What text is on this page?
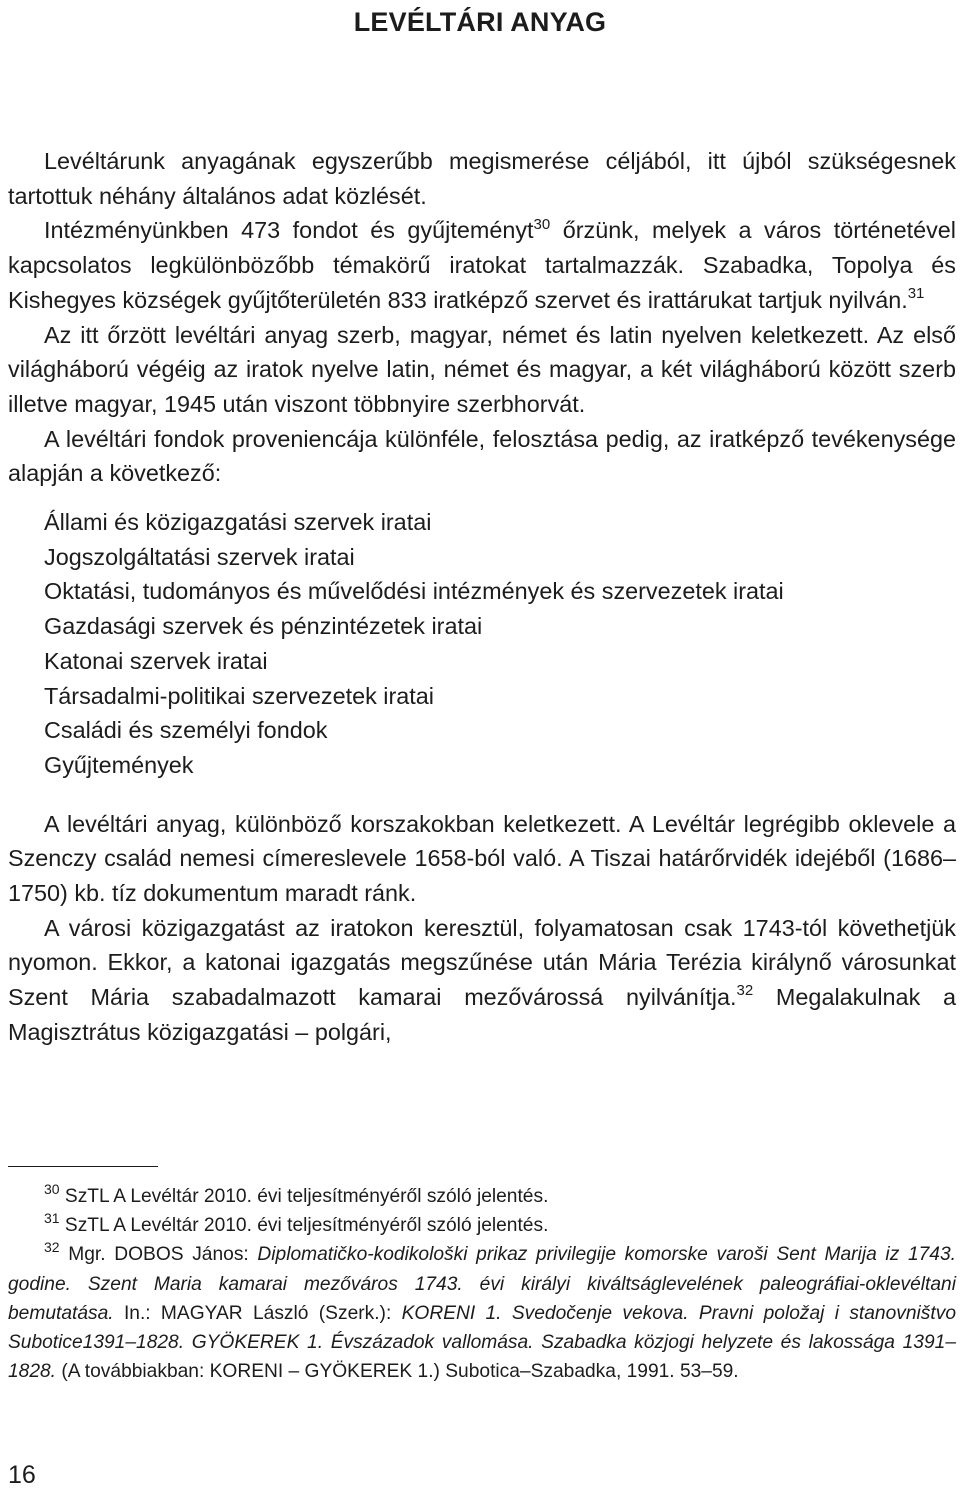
LEVÉLTÁRI ANYAG

Levéltárunk anyagának egyszerűbb megismerése céljából, itt újból szükségesnek tartottuk néhány általános adat közlését.

Intézményünkben 473 fondot és gyűjteményt$^{30}$ őrzünk, melyek a város történetével kapcsolatos legkülönbözőbb témakörű iratokat tartalmazzák. Szabadka, Topolya és Kishegyes községek gyűjtőterületén 833 iratképző szervet és irattárukat tartjuk nyilván.$^{31}$

Az itt őrzött levéltári anyag szerb, magyar, német és latin nyelven keletkezett. Az első világháború végéig az iratok nyelve latin, német és magyar, a két világháború között szerb illetve magyar, 1945 után viszont többnyire szerbhorvát.

A levéltári fondok proveniencája különféle, felosztása pedig, az iratképző tevékenysége alapján a következő:

Állami és közigazgatási szervek iratai
Jogszolgáltatási szervek iratai
Oktatási, tudományos és művelődési intézmények és szervezetek iratai
Gazdasági szervek és pénzintézetek iratai
Katonai szervek iratai
Társadalmi-politikai szervezetek iratai
Családi és személyi fondok
Gyűjtemények

A levéltári anyag, különböző korszakokban keletkezett. A Levéltár legrégibb oklevele a Szenczy család nemesi címereslevele 1658-ból való. A Tiszai határőrvidék idejéből (1686–1750) kb. tíz dokumentum maradt ránk.

A városi közigazgatást az iratokon keresztül, folyamatosan csak 1743-tól követhetjük nyomon. Ekkor, a katonai igazgatás megszűnése után Mária Terézia királynő városunkat Szent Mária szabadalmazott kamarai mezővárossá nyilvánítja.$^{32}$ Megalakulnak a Magisztrátus közigazgatási – polgári,

$^{30}$ SzTL A Levéltár 2010. évi teljesítményéről szóló jelentés.

$^{31}$ SzTL A Levéltár 2010. évi teljesítményéről szóló jelentés.

$^{32}$ Mgr. DOBOS János: Diplomatičko-kodikološki prikaz privilegije komorske varoši Sent Marija iz 1743. godine. Szent Maria kamarai mezőváros 1743. évi királyi kiváltságlevelének paleográfiai-oklevéltani bemutatása. In.: MAGYAR László (Szerk.): KORENI 1. Svedočenje vekova. Pravni položaj i stanovništvo Subotice1391–1828. GYÖKEREK 1. Évszázadok vallomása. Szabadka közjogi helyzete és lakossága 1391–1828. (A továbbiakban: KORENI – GYÖKEREK 1.) Subotica–Szabadka, 1991. 53–59.

16
